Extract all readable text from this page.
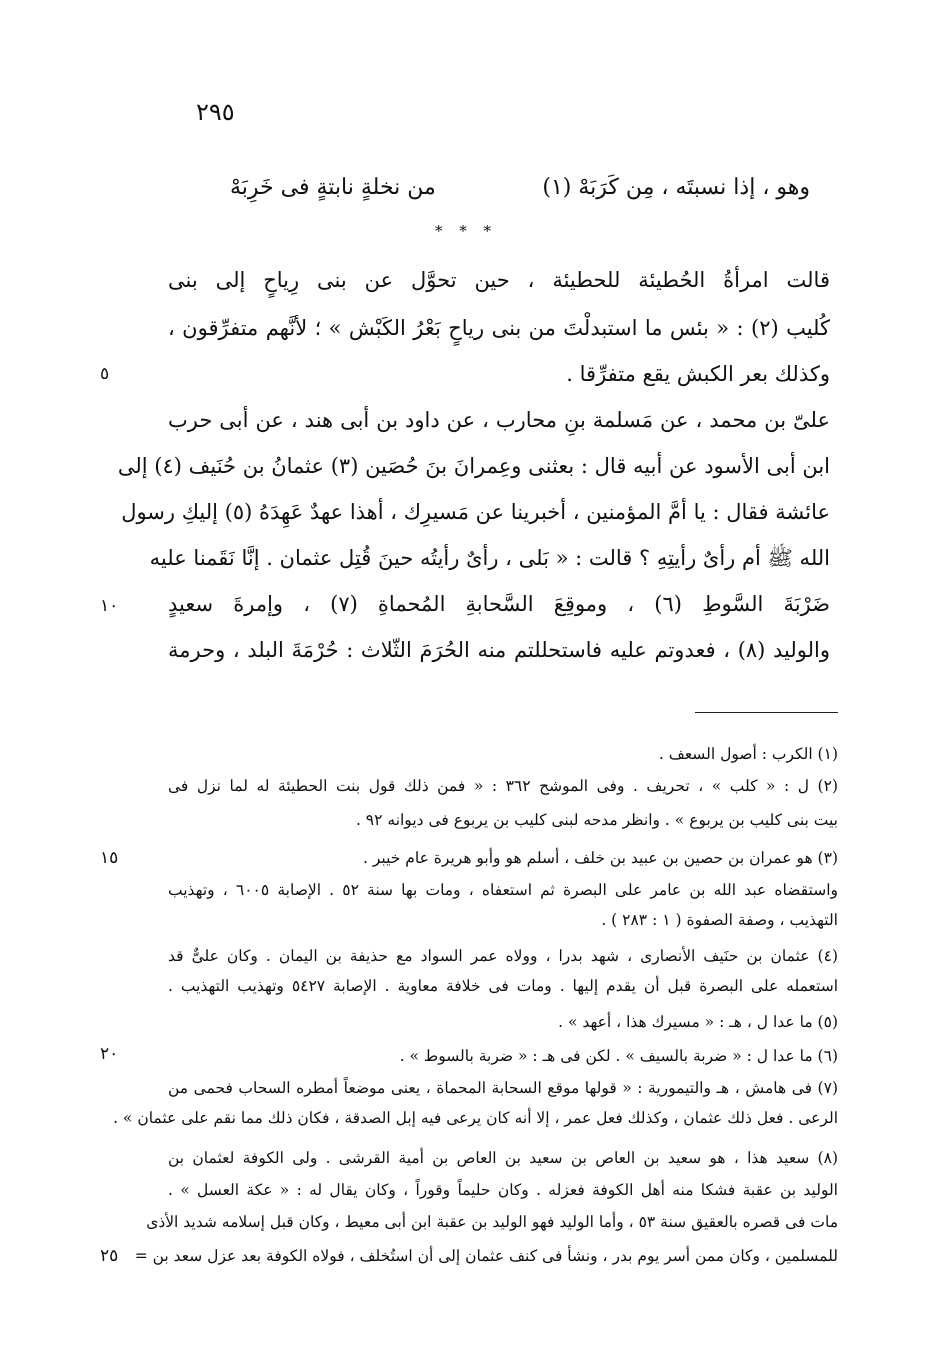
٢٩٥
وهو ، إذا نسبتَه ، مِن كَرَبَهْ (١)
من نخلةٍ نابتةٍ فى خَرِبَهْ
* * *
قالت امرأةُ الحُطيئة للحطيئة ، حين تحوَّل عن بنى رِياحٍ إلى بنى
كُليب (٢) : « بئس ما استبدلْتَ من بنى رياحٍ بَعْرُ الكَبْش » ؛ لأنَّهم متفرِّقون ،
وكذلك بعر الكبش يقع متفرِّقا .
علىّ بن محمد ، عن مَسلمة بنِ محارب ، عن داود بن أبى هند ، عن أبى حرب
ابن أبى الأسود عن أبيه قال : بعثنى وعِمرانَ بنَ حُصَين (٣) عثمانُ بن حُنَيف (٤) إلى
عائشة فقال : يا أمَّ المؤمنين ، أخبرينا عن مَسيرِك ، أهذا عهدٌ عَهِدَهُ (٥) إليكِ رسول
الله ﷺ أم رأىٌ رأيتِهِ ؟ قالت : « بَلى ، رأىٌ رأيتُه حينَ قُتِل عثمان . إنَّا نَقَمنا عليه
ضَرْبَةَ السَّوطِ (٦) ، وموقِعَ السَّحابةِ المُحماةِ (٧) ، وإمرةَ سعيدٍ
والوليد (٨) ، فعدوتم عليه فاستحللتم منه الحُرَمَ الثّلاث : حُرْمَةَ البلد ، وحرمة
٥
١٠
١٥
٢٠
٢٥
(١) الكرب : أصول السعف .
(٢) ل : « كلب » ، تحريف . وفى الموشح ٣٦٢ : « فمن ذلك قول بنت الحطيئة له لما نزل فى
بيت بنى كليب بن يربوع » . وانظر مدحه لبنى كليب بن يربوع فى ديوانه ٩٢ .
(٣) هو عمران بن حصين بن عبيد بن خلف ، أسلم هو وأبو هريرة عام خيبر .
واستقضاه عبد الله بن عامر على البصرة ثم استعفاه ، ومات بها سنة ٥٢ . الإصابة ٦٠٠٥ ، وتهذيب
التهذيب ، وصفة الصفوة ( ١ : ٢٨٣ ) .
(٤) عثمان بن حنَيف الأنصارى ، شهد بدرا ، وولاه عمر السواد مع حذيفة بن اليمان . وكان علىٌّ قد
استعمله على البصرة قبل أن يقدم إليها . ومات فى خلافة معاوية . الإصابة ٥٤٢٧ وتهذيب التهذيب .
(٥) ما عدا ل ، هـ : « مسيرك هذا ، أعهد » .
(٦) ما عدا ل : « ضربة بالسيف » . لكن فى هـ : « ضربة بالسوط » .
(٧) فى هامش ، هـ والتيمورية : « قولها موقع السحابة المحماة ، يعنى موضعاً أمطره السحاب فحمى من
الرعى . فعل ذلك عثمان ، وكذلك فعل عمر ، إلا أنه كان يرعى فيه إبل الصدقة ، فكان ذلك مما نقم على عثمان » .
(٨) سعيد هذا ، هو سعيد بن العاص بن سعيد بن العاص بن أمية القرشى . ولى الكوفة لعثمان بن
الوليد بن عقبة فشكا منه أهل الكوفة فعزله . وكان حليماً وقوراً ، وكان يقال له : « عكة العسل » .
مات فى قصره بالعقيق سنة ٥٣ ، وأما الوليد فهو الوليد بن عقبة ابن أبى معيط ، وكان قبل إسلامه شديد الأذى
للمسلمين ، وكان ممن أسر يوم بدر ، ونشأ فى كنف عثمان إلى أن استُخلف ، فولاه الكوفة بعد عزل سعد بن =
